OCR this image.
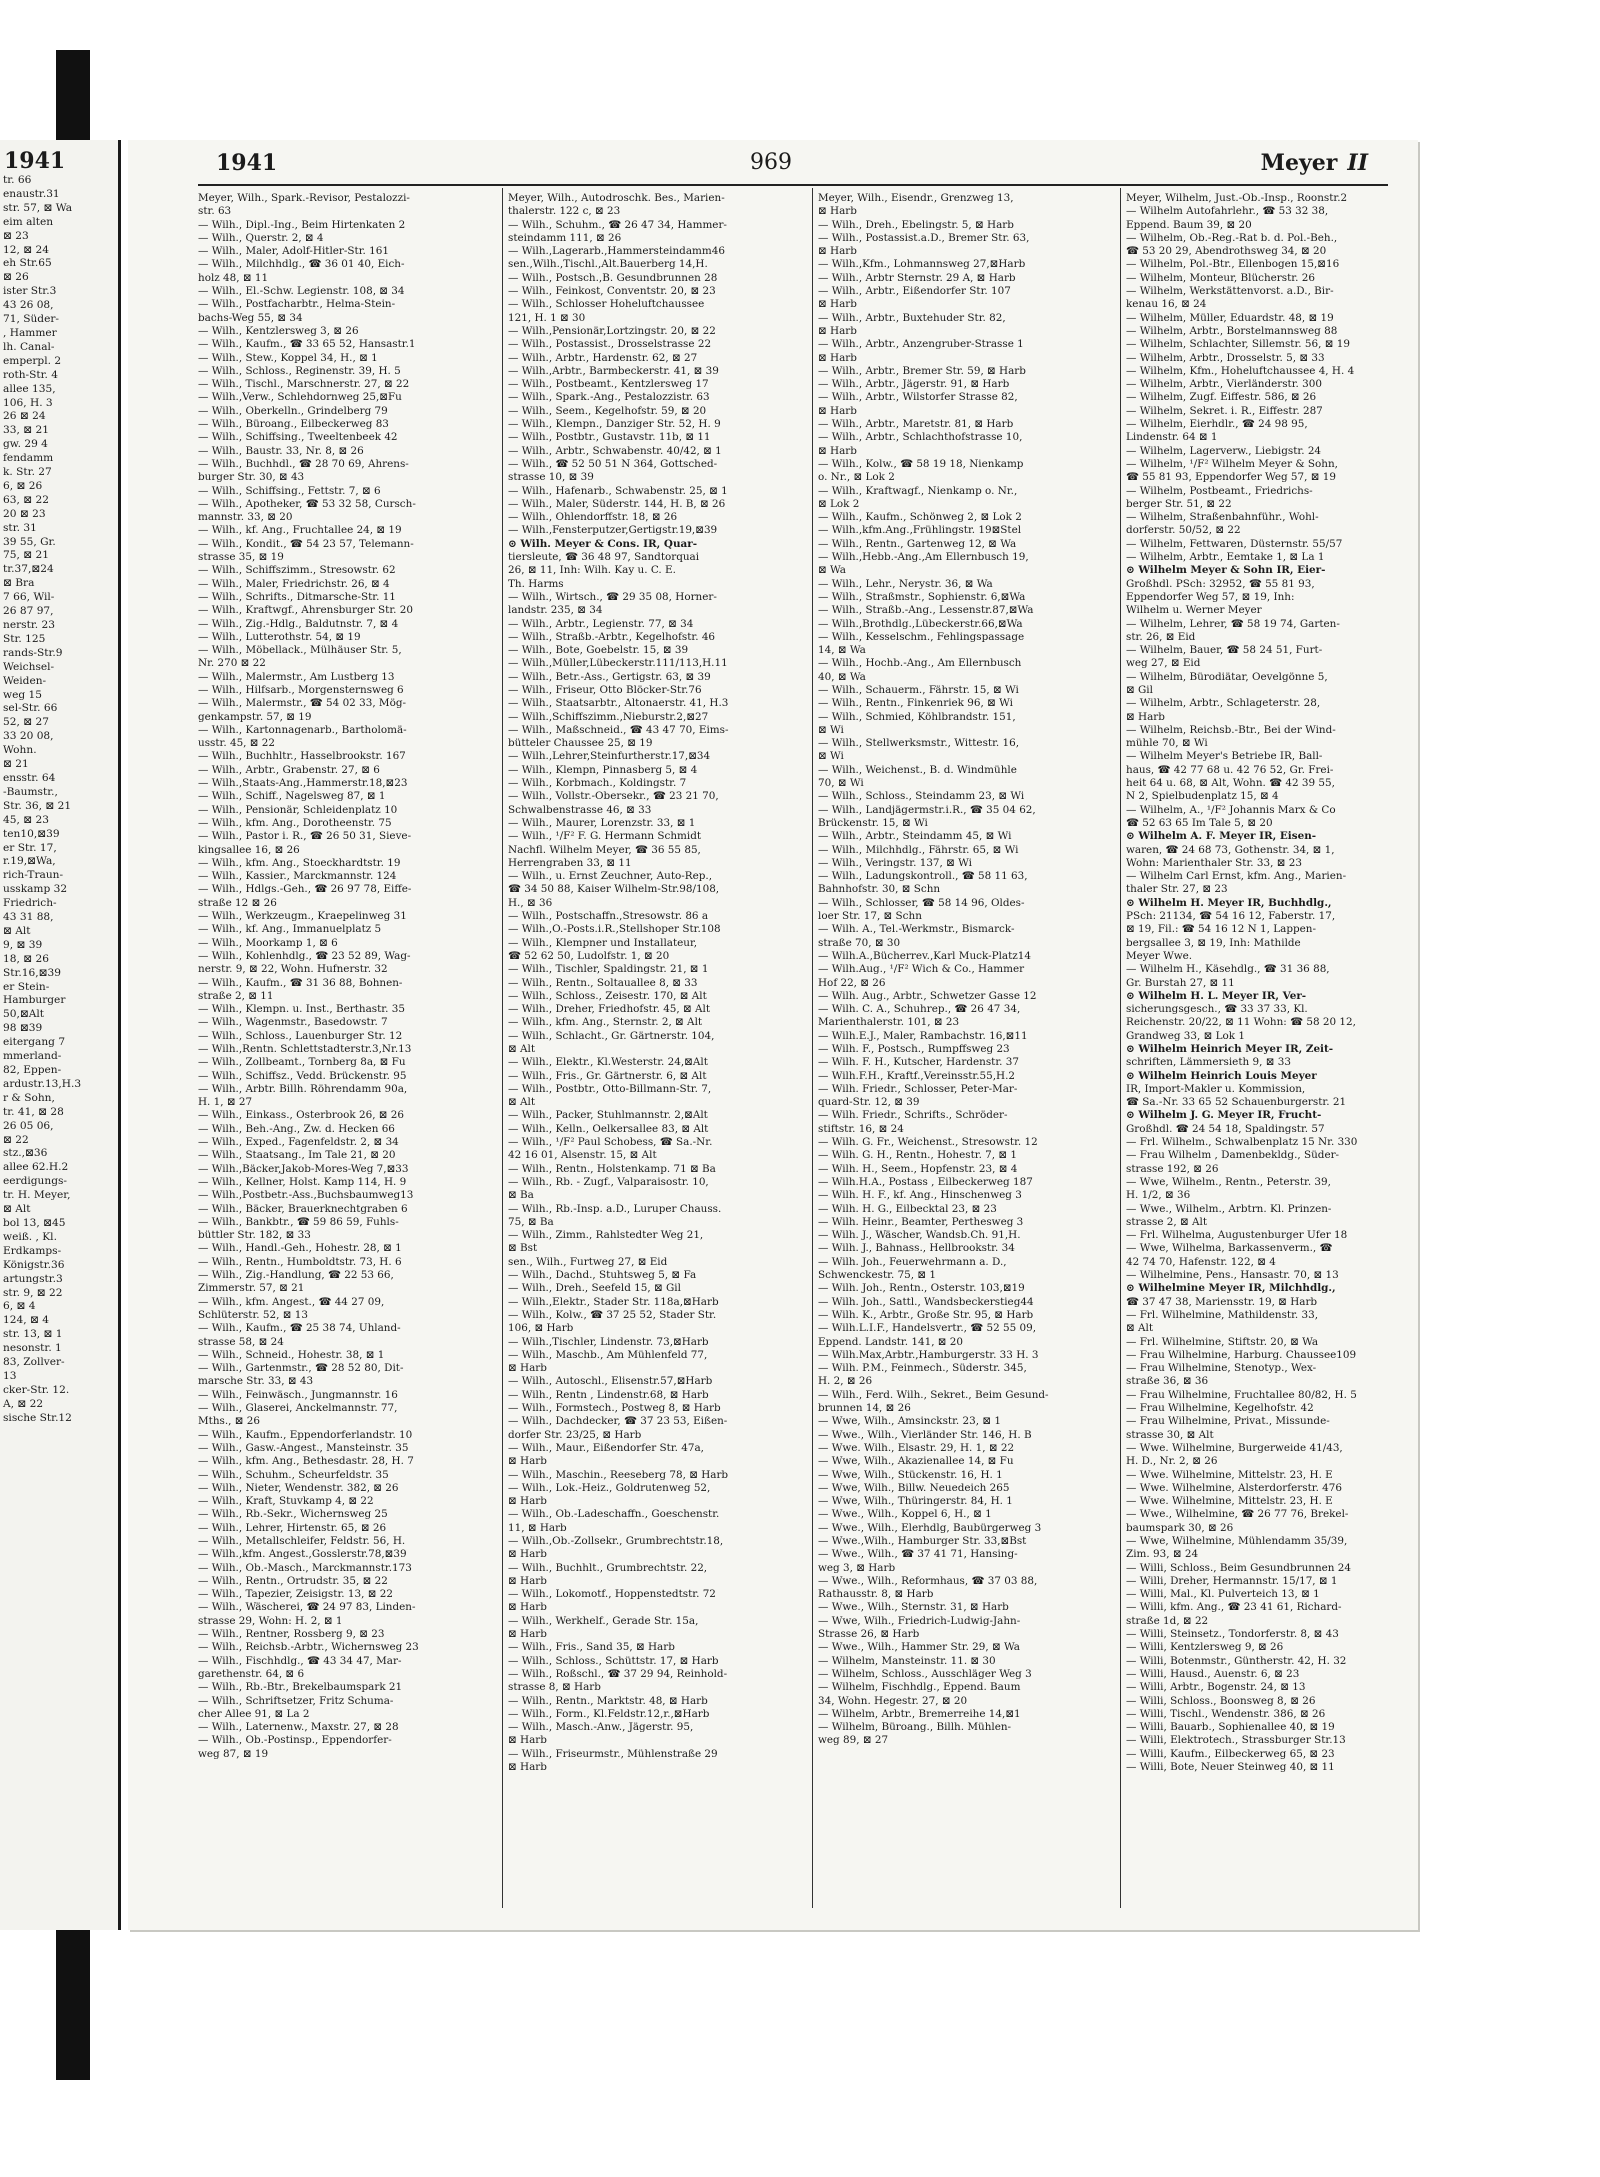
1941
tr. 66
enaustr.31
str. 57, ⊠ Wa
eim alten
⊠ 23
12, ⊠ 24
eh Str.65
⊠ 26
ister Str.3
43 26 08,
71, Süder-
, Hammer
lh. Canal-
emperpl. 2
roth-Str. 4
allee 135,
106, H. 3
26 ⊠ 24
33, ⊠ 21
gw. 29 4
fendamm
k. Str. 27
6, ⊠ 26
63, ⊠ 22
20 ⊠ 23
str. 31
39 55, Gr.
75, ⊠ 21
tr.37,⊠24
⊠ Bra
7 66, Wil-
26 87 97,
nerstr. 23
Str. 125
rands-Str.9
Weichsel-
Weiden-
weg 15
sel-Str. 66
52, ⊠ 27
33 20 08,
Wohn.
⊠ 21
ensstr. 64
-Baumstr.,
Str. 36, ⊠ 21
45, ⊠ 23
ten10,⊠39
er Str. 17,
r.19,⊠Wa,
rich-Traun-
usskamp 32
Friedrich-
43 31 88,
⊠ Alt
9, ⊠ 39
18, ⊠ 26
Str.16,⊠39
er Stein-
Hamburger
50,⊠Alt
98 ⊠39
eitergang 7
mmerland-
82, Eppen-
ardustr.13,H.3
r & Sohn,
tr. 41, ⊠ 28
26 05 06,
⊠ 22
stz.,⊠36
allee 62.H.2
eerdigungs-
tr. H. Meyer,
⊠ Alt
bol 13, ⊠45
weiß. , Kl.
Erdkamps-
Königstr.36
artungstr.3
str. 9, ⊠ 22
6, ⊠ 4
124, ⊠ 4
str. 13, ⊠ 1
nesonstr. 1
83, Zollver-
13
cker-Str. 12.
A, ⊠ 22
sische Str.12
1941	969	Meyer II
Meyer, Wilh., Spark.-Revisor, Pestalozzi-
str. 63
— Wilh., Dipl.-Ing., Beim Hirtenkaten 2
— Wilh., Querstr. 2, ⊠ 4
— Wilh., Maler, Adolf-Hitler-Str. 161
— Wilh., Milchhdlg., ☎ 36 01 40, Eich-
holz 48, ⊠ 11
— Wilh., El.-Schw. Legienstr. 108, ⊠ 34
— Wilh., Postfacharbtr., Helma-Stein-
bachs-Weg 55, ⊠ 34
— Wilh., Kentzlersweg 3, ⊠ 26
— Wilh., Kaufm., ☎ 33 65 52, Hansastr.1
— Wilh., Stew., Koppel 34, H., ⊠ 1
— Wilh., Schloss., Reginenstr. 39, H. 5
— Wilh., Tischl., Marschnerstr. 27, ⊠ 22
— Wilh.,Verw., Schlehdornweg 25,⊠Fu
— Wilh., Oberkelln., Grindelberg 79
— Wilh., Büroang., Eilbeckerweg 83
— Wilh., Schiffsing., Tweeltenbeek 42
— Wilh., Baustr. 33, Nr. 8, ⊠ 26
— Wilh., Buchhdl., ☎ 28 70 69, Ahrens-
burger Str. 30, ⊠ 43
— Wilh., Schiffsing., Fettstr. 7, ⊠ 6
— Wilh., Apotheker, ☎ 53 32 58, Cursch-
mannstr. 33, ⊠ 20
— Wilh., kf. Ang., Fruchtallee 24, ⊠ 19
— Wilh., Kondit., ☎ 54 23 57, Telemann-
strasse 35, ⊠ 19
— Wilh., Schiffszimm., Stresowstr. 62
— Wilh., Maler, Friedrichstr. 26, ⊠ 4
— Wilh., Schrifts., Ditmarsche-Str. 11
— Wilh., Kraftwgf., Ahrensburger Str. 20
— Wilh., Zig.-Hdlg., Baldutnstr. 7, ⊠ 4
— Wilh., Lutterothstr. 54, ⊠ 19
— Wilh., Möbellack., Mülhäuser Str. 5,
Nr. 270 ⊠ 22
— Wilh., Malermstr., Am Lustberg 13
— Wilh., Hilfsarb., Morgensternsweg 6
— Wilh., Malermstr., ☎ 54 02 33, Mög-
genkampstr. 57, ⊠ 19
— Wilh., Kartonnagenarb., Bartholomä-
usstr. 45, ⊠ 22
— Wilh., Buchhltr., Hasselbrookstr. 167
— Wilh., Arbtr., Grabenstr. 27, ⊠ 6
— Wilh.,Staats-Ang.,Hammerstr.18,⊠23
— Wilh., Schiff., Nagelsweg 87, ⊠ 1
— Wilh., Pensionär, Schleidenplatz 10
— Wilh., kfm. Ang., Dorotheenstr. 75
— Wilh., Pastor i. R., ☎ 26 50 31, Sieve-
kingsallee 16, ⊠ 26
— Wilh., kfm. Ang., Stoeckhardtstr. 19
— Wilh., Kassier., Marckmannstr. 124
— Wilh., Hdlgs.-Geh., ☎ 26 97 78, Eiffe-
straße 12 ⊠ 26
— Wilh., Werkzeugm., Kraepelinweg 31
— Wilh., kf. Ang., Immanuelplatz 5
— Wilh., Moorkamp 1, ⊠ 6
— Wilh., Kohlenhdlg., ☎ 23 52 89, Wag-
nerstr. 9, ⊠ 22, Wohn. Hufnerstr. 32
— Wilh., Kaufm., ☎ 31 36 88, Bohnen-
straße 2, ⊠ 11
— Wilh., Klempn. u. Inst., Berthastr. 35
— Wilh., Wagenmstr., Basedowstr. 7
— Wilh., Schloss., Lauenburger Str. 12
— Wilh.,Rentn. Schlettstadterstr.3,Nr.13
— Wilh., Zollbeamt., Tornberg 8a, ⊠ Fu
— Wilh., Schiffsz., Vedd. Brückenstr. 95
— Wilh., Arbtr. Billh. Röhrendamm 90a,
H. 1, ⊠ 27
— Wilh., Einkass., Osterbrook 26, ⊠ 26
— Wilh., Beh.-Ang., Zw. d. Hecken 66
— Wilh., Exped., Fagenfeldstr. 2, ⊠ 34
— Wilh., Staatsang., Im Tale 21, ⊠ 20
— Wilh.,Bäcker,Jakob-Mores-Weg 7,⊠33
— Wilh., Kellner, Holst. Kamp 114, H. 9
— Wilh.,Postbetr.-Ass.,Buchsbaumweg13
— Wilh., Bäcker, Brauerknechtgraben 6
— Wilh., Bankbtr., ☎ 59 86 59, Fuhls-
büttler Str. 182, ⊠ 33
— Wilh., Handl.-Geh., Hohestr. 28, ⊠ 1
— Wilh., Rentn., Humboldtstr. 73, H. 6
— Wilh., Zig.-Handlung, ☎ 22 53 66,
Zimmerstr. 57, ⊠ 21
— Wilh., kfm. Angest., ☎ 44 27 09,
Schlüterstr. 52, ⊠ 13
— Wilh., Kaufm., ☎ 25 38 74, Uhland-
strasse 58, ⊠ 24
— Wilh., Schneid., Hohestr. 38, ⊠ 1
— Wilh., Gartenmstr., ☎ 28 52 80, Dit-
marsche Str. 33, ⊠ 43
— Wilh., Feinwäsch., Jungmannstr. 16
— Wilh., Glaserei, Anckelmannstr. 77,
Mths., ⊠ 26
— Wilh., Kaufm., Eppendorferlandstr. 10
— Wilh., Gasw.-Angest., Mansteinstr. 35
— Wilh., kfm. Ang., Bethesdastr. 28, H. 7
— Wilh., Schuhm., Scheurfeldstr. 35
— Wilh., Nieter, Wendenstr. 382, ⊠ 26
— Wilh., Kraft, Stuvkamp 4, ⊠ 22
— Wilh., Rb.-Sekr., Wichernsweg 25
— Wilh., Lehrer, Hirtenstr. 65, ⊠ 26
— Wilh., Metallschleifer, Feldstr. 56, H.
— Wilh.,kfm. Angest.,Gosslerstr.78,⊠39
— Wilh., Ob.-Masch., Marckmannstr.173
— Wilh., Rentn., Ortrudstr. 35, ⊠ 22
— Wilh., Tapezier, Zeisigstr. 13, ⊠ 22
— Wilh., Wäscherei, ☎ 24 97 83, Linden-
strasse 29, Wohn: H. 2, ⊠ 1
— Wilh., Rentner, Rossberg 9, ⊠ 23
— Wilh., Reichsb.-Arbtr., Wichernsweg 23
— Wilh., Fischhdlg., ☎ 43 34 47, Mar-
garethenstr. 64, ⊠ 6
— Wilh., Rb.-Btr., Brekelbaumspark 21
— Wilh., Schriftsetzer, Fritz Schuma-
cher Allee 91, ⊠ La 2
— Wilh., Laternenw., Maxstr. 27, ⊠ 28
— Wilh., Ob.-Postinsp., Eppendorfer-
weg 87, ⊠ 19
Meyer, Wilh., Autodroschk. Bes., Marien-
thalerstr. 122 c, ⊠ 23
— Wilh., Schuhm., ☎ 26 47 34, Hammer-
steindamm 111, ⊠ 26
— Wilh.,Lagerarb.,Hammersteindamm46
sen.,Wilh.,Tischl.,Alt.Bauerberg 14,H.
— Wilh., Postsch.,B. Gesundbrunnen 28
— Wilh., Feinkost, Conventstr. 20, ⊠ 23
— Wilh., Schlosser Hoheluftchaussee
121, H. 1 ⊠ 30
— Wilh.,Pensionär,Lortzingstr. 20, ⊠ 22
— Wilh., Postassist., Drosselstrasse 22
— Wilh., Arbtr., Hardenstr. 62, ⊠ 27
— Wilh.,Arbtr., Barmbeckerstr. 41, ⊠ 39
— Wilh., Postbeamt., Kentzlersweg 17
— Wilh., Spark.-Ang., Pestalozzistr. 63
— Wilh., Seem., Kegelhofstr. 59, ⊠ 20
— Wilh., Klempn., Danziger Str. 52, H. 9
— Wilh., Postbtr., Gustavstr. 11b, ⊠ 11
— Wilh., Arbtr., Schwabenstr. 40/42, ⊠ 1
— Wilh., ☎ 52 50 51 N 364, Gottsched-
strasse 10, ⊠ 39
— Wilh., Hafenarb., Schwabenstr. 25, ⊠ 1
— Wilh., Maler, Süderstr. 144, H. B, ⊠ 26
— Wilh., Ohlendorffstr. 18, ⊠ 26
— Wilh.,Fensterputzer,Gertigstr.19,⊠39
⊙ Wilh. Meyer & Cons. IR, Quar-
tiersleute, ☎ 36 48 97, Sandtorquai
26, ⊠ 11, Inh: Wilh. Kay u. C. E.
Th. Harms
— Wilh., Wirtsch., ☎ 29 35 08, Horner-
landstr. 235, ⊠ 34
— Wilh., Arbtr., Legienstr. 77, ⊠ 34
— Wilh., Straßb.-Arbtr., Kegelhofstr. 46
— Wilh., Bote, Goebelstr. 15, ⊠ 39
— Wilh.,Müller,Lübeckerstr.111/113,H.11
— Wilh., Betr.-Ass., Gertigstr. 63, ⊠ 39
— Wilh., Friseur, Otto Blöcker-Str.76
— Wilh., Staatsarbtr., Altonaerstr. 41, H.3
— Wilh.,Schiffszimm.,Nieburstr.2,⊠27
— Wilh., Maßschneid., ☎ 43 47 70, Eims-
bütteler Chaussee 25, ⊠ 19
— Wilh.,Lehrer,Steinfurtherstr.17,⊠34
— Wilh., Klempn, Pinnasberg 5, ⊠ 4
— Wilh., Korbmach., Koldingstr. 7
— Wilh., Vollstr.-Obersekr., ☎ 23 21 70,
Schwalbenstrasse 46, ⊠ 33
— Wilh., Maurer, Lorenzstr. 33, ⊠ 1
— Wilh., ¹/F² F. G. Hermann Schmidt
Nachfl. Wilhelm Meyer, ☎ 36 55 85,
Herrengraben 33, ⊠ 11
— Wilh., u. Ernst Zeuchner, Auto-Rep.,
☎ 34 50 88, Kaiser Wilhelm-Str.98/108,
H., ⊠ 36
— Wilh., Postschaffn.,Stresowstr. 86 a
— Wilh.,O.-Posts.i.R.,Stellshoper Str.108
— Wilh., Klempner und Installateur,
☎ 52 62 50, Ludolfstr. 1, ⊠ 20
— Wilh., Tischler, Spaldingstr. 21, ⊠ 1
— Wilh., Rentn., Soltauallee 8, ⊠ 33
— Wilh., Schloss., Zeisestr. 170, ⊠ Alt
— Wilh., Dreher, Friedhofstr. 45, ⊠ Alt
— Wilh., kfm. Ang., Sternstr. 2, ⊠ Alt
— Wilh., Schlacht., Gr. Gärtnerstr. 104,
⊠ Alt
— Wilh., Elektr., Kl.Westerstr. 24,⊠Alt
— Wilh., Fris., Gr. Gärtnerstr. 6, ⊠ Alt
— Wilh., Postbtr., Otto-Billmann-Str. 7,
⊠ Alt
— Wilh., Packer, Stuhlmannstr. 2,⊠Alt
— Wilh., Kelln., Oelkersallee 83, ⊠ Alt
— Wilh., ¹/F² Paul Schobess, ☎ Sa.-Nr.
42 16 01, Alsenstr. 15, ⊠ Alt
— Wilh., Rentn., Holstenkamp. 71 ⊠ Ba
— Wilh., Rb. - Zugf., Valparaisostr. 10,
⊠ Ba
— Wilh., Rb.-Insp. a.D., Luruper Chauss.
75, ⊠ Ba
— Wilh., Zimm., Rahlstedter Weg 21,
⊠ Bst
sen., Wilh., Furtweg 27, ⊠ Eid
— Wilh., Dachd., Stuhtsweg 5, ⊠ Fa
— Wilh., Dreh., Seefeld 15, ⊠ Gil
— Wilh.,Elektr., Stader Str. 118a,⊠Harb
— Wilh., Kolw., ☎ 37 25 52, Stader Str.
106, ⊠ Harb
— Wilh.,Tischler, Lindenstr. 73,⊠Harb
— Wilh., Maschb., Am Mühlenfeld 77,
⊠ Harb
— Wilh., Autoschl., Elisenstr.57,⊠Harb
— Wilh., Rentn , Lindenstr.68, ⊠ Harb
— Wilh., Formstech., Postweg 8, ⊠ Harb
— Wilh., Dachdecker, ☎ 37 23 53, Eißen-
dorfer Str. 23/25, ⊠ Harb
— Wilh., Maur., Eißendorfer Str. 47a,
⊠ Harb
— Wilh., Maschin., Reeseberg 78, ⊠ Harb
— Wilh., Lok.-Heiz., Goldrutenweg 52,
⊠ Harb
— Wilh., Ob.-Ladeschaffn., Goeschenstr.
11, ⊠ Harb
— Wilh.,Ob.-Zollsekr., Grumbrechtstr.18,
⊠ Harb
— Wilh., Buchhlt., Grumbrechtstr. 22,
⊠ Harb
— Wilh., Lokomotf., Hoppenstedtstr. 72
⊠ Harb
— Wilh., Werkhelf., Gerade Str. 15a,
⊠ Harb
— Wilh., Fris., Sand 35, ⊠ Harb
— Wilh., Schloss., Schüttstr. 17, ⊠ Harb
— Wilh., Roßschl., ☎ 37 29 94, Reinhold-
strasse 8, ⊠ Harb
— Wilh., Rentn., Marktstr. 48, ⊠ Harb
— Wilh., Form., Kl.Feldstr.12,r.,⊠Harb
— Wilh., Masch.-Anw., Jägerstr. 95,
⊠ Harb
— Wilh., Friseurmstr., Mühlenstraße 29
⊠ Harb
Meyer, Wilh., Eisendr., Grenzweg 13,
⊠ Harb
— Wilh., Dreh., Ebelingstr. 5, ⊠ Harb
— Wilh., Postassist.a.D., Bremer Str. 63,
⊠ Harb
— Wilh.,Kfm., Lohmannsweg 27,⊠Harb
— Wilh., Arbtr Sternstr. 29 A, ⊠ Harb
— Wilh., Arbtr., Eißendorfer Str. 107
⊠ Harb
— Wilh., Arbtr., Buxtehuder Str. 82,
⊠ Harb
— Wilh., Arbtr., Anzengruber-Strasse 1
⊠ Harb
— Wilh., Arbtr., Bremer Str. 59, ⊠ Harb
— Wilh., Arbtr., Jägerstr. 91, ⊠ Harb
— Wilh., Arbtr., Wilstorfer Strasse 82,
⊠ Harb
— Wilh., Arbtr., Maretstr. 81, ⊠ Harb
— Wilh., Arbtr., Schlachthofstrasse 10,
⊠ Harb
— Wilh., Kolw., ☎ 58 19 18, Nienkamp
o. Nr., ⊠ Lok 2
— Wilh., Kraftwagf., Nienkamp o. Nr.,
⊠ Lok 2
— Wilh., Kaufm., Schönweg 2, ⊠ Lok 2
— Wilh.,kfm.Ang.,Frühlingstr. 19⊠Stel
— Wilh., Rentn., Gartenweg 12, ⊠ Wa
— Wilh.,Hebb.-Ang.,Am Ellernbusch 19,
⊠ Wa
— Wilh., Lehr., Nerystr. 36, ⊠ Wa
— Wilh., Straßmstr., Sophienstr. 6,⊠Wa
— Wilh., Straßb.-Ang., Lessenstr.87,⊠Wa
— Wilh.,Brothdlg.,Lübeckerstr.66,⊠Wa
— Wilh., Kesselschm., Fehlingspassage
14, ⊠ Wa
— Wilh., Hochb.-Ang., Am Ellernbusch
40, ⊠ Wa
— Wilh., Schauerm., Fährstr. 15, ⊠ Wi
— Wilh., Rentn., Finkenriek 96, ⊠ Wi
— Wilh., Schmied, Köhlbrandstr. 151,
⊠ Wi
— Wilh., Stellwerksmstr., Wittestr. 16,
⊠ Wi
— Wilh., Weichenst., B. d. Windmühle
70, ⊠ Wi
— Wilh., Schloss., Steindamm 23, ⊠ Wi
— Wilh., Landjägermstr.i.R., ☎ 35 04 62,
Brückenstr. 15, ⊠ Wi
— Wilh., Arbtr., Steindamm 45, ⊠ Wi
— Wilh., Milchhdlg., Fährstr. 65, ⊠ Wi
— Wilh., Veringstr. 137, ⊠ Wi
— Wilh., Ladungskontroll., ☎ 58 11 63,
Bahnhofstr. 30, ⊠ Schn
— Wilh., Schlosser, ☎ 58 14 96, Oldes-
loer Str. 17, ⊠ Schn
— Wilh. A., Tel.-Werkmstr., Bismarck-
straße 70, ⊠ 30
— Wilh.A.,Bücherrev.,Karl Muck-Platz14
— Wilh.Aug., ¹/F² Wich & Co., Hammer
Hof 22, ⊠ 26
— Wilh. Aug., Arbtr., Schwetzer Gasse 12
— Wilh. C. A., Schuhrep., ☎ 26 47 34,
Marienthalerstr. 101, ⊠ 23
— Wilh.E.J., Maler, Rambachstr. 16,⊠11
— Wilh. F., Postsch., Rumpffsweg 23
— Wilh. F. H., Kutscher, Hardenstr. 37
— Wilh.F.H., Kraftf.,Vereinsstr.55,H.2
— Wilh. Friedr., Schlosser, Peter-Mar-
quard-Str. 12, ⊠ 39
— Wilh. Friedr., Schrifts., Schröder-
stiftstr. 16, ⊠ 24
— Wilh. G. Fr., Weichenst., Stresowstr. 12
— Wilh. G. H., Rentn., Hohestr. 7, ⊠ 1
— Wilh. H., Seem., Hopfenstr. 23, ⊠ 4
— Wilh.H.A., Postass , Eilbeckerweg 187
— Wilh. H. F., kf. Ang., Hinschenweg 3
— Wilh. H. G., Eilbecktal 23, ⊠ 23
— Wilh. Heinr., Beamter, Perthesweg 3
— Wilh. J., Wäscher, Wandsb.Ch. 91,H.
— Wilh. J., Bahnass., Hellbrookstr. 34
— Wilh. Joh., Feuerwehrmann a. D.,
Schwenckestr. 75, ⊠ 1
— Wilh. Joh., Rentn., Osterstr. 103,⊠19
— Wilh. Joh., Sattl., Wandsbeckerstieg44
— Wilh. K., Arbtr., Große Str. 95, ⊠ Harb
— Wilh.L.I.F., Handelsvertr., ☎ 52 55 09,
Eppend. Landstr. 141, ⊠ 20
— Wilh.Max,Arbtr.,Hamburgerstr. 33 H. 3
— Wilh. P.M., Feinmech., Süderstr. 345,
H. 2, ⊠ 26
— Wilh., Ferd. Wilh., Sekret., Beim Gesund-
brunnen 14, ⊠ 26
— Wwe, Wilh., Amsinckstr. 23, ⊠ 1
— Wwe., Wilh., Vierländer Str. 146, H. B
— Wwe. Wilh., Elsastr. 29, H. 1, ⊠ 22
— Wwe, Wilh., Akazienallee 14, ⊠ Fu
— Wwe, Wilh., Stückenstr. 16, H. 1
— Wwe, Wilh., Billw. Neuedeich 265
— Wwe, Wilh., Thüringerstr. 84, H. 1
— Wwe., Wilh., Koppel 6, H., ⊠ 1
— Wwe., Wilh., Elerhdlg, Baubürgerweg 3
— Wwe.,Wilh., Hamburger Str. 33,⊠Bst
— Wwe., Wilh., ☎ 37 41 71, Hansing-
weg 3, ⊠ Harb
— Wwe., Wilh., Reformhaus, ☎ 37 03 88,
Rathausstr. 8, ⊠ Harb
— Wwe., Wilh., Sternstr. 31, ⊠ Harb
— Wwe, Wilh., Friedrich-Ludwig-Jahn-
Strasse 26, ⊠ Harb
— Wwe., Wilh., Hammer Str. 29, ⊠ Wa
— Wilhelm, Mansteinstr. 11. ⊠ 30
— Wilhelm, Schloss., Ausschläger Weg 3
— Wilhelm, Fischhdlg., Eppend. Baum
34, Wohn. Hegestr. 27, ⊠ 20
— Wilhelm, Arbtr., Bremerreihe 14,⊠1
— Wilhelm, Büroang., Billh. Mühlen-
weg 89, ⊠ 27
Meyer, Wilhelm, Just.-Ob.-Insp., Roonstr.2
— Wilhelm Autofahrlehr., ☎ 53 32 38,
Eppend. Baum 39, ⊠ 20
— Wilhelm, Ob.-Reg.-Rat b. d. Pol.-Beh.,
☎ 53 20 29, Abendrothsweg 34, ⊠ 20
— Wilhelm, Pol.-Btr., Ellenbogen 15,⊠16
— Wilhelm, Monteur, Blücherstr. 26
— Wilhelm, Werkstättenvorst. a.D., Bir-
kenau 16, ⊠ 24
— Wilhelm, Müller, Eduardstr. 48, ⊠ 19
— Wilhelm, Arbtr., Borstelmannsweg 88
— Wilhelm, Schlachter, Sillemstr. 56, ⊠ 19
— Wilhelm, Arbtr., Drosselstr. 5, ⊠ 33
— Wilhelm, Kfm., Hoheluftchaussee 4, H. 4
— Wilhelm, Arbtr., Vierländerstr. 300
— Wilhelm, Zugf. Eiffestr. 586, ⊠ 26
— Wilhelm, Sekret. i. R., Eiffestr. 287
— Wilhelm, Eierhdlr., ☎ 24 98 95,
Lindenstr. 64 ⊠ 1
— Wilhelm, Lagerverw., Liebigstr. 24
— Wilhelm, ¹/F² Wilhelm Meyer & Sohn,
☎ 55 81 93, Eppendorfer Weg 57, ⊠ 19
— Wilhelm, Postbeamt., Friedrichs-
berger Str. 51, ⊠ 22
— Wilhelm, Straßenbahnführ., Wohl-
dorferstr. 50/52, ⊠ 22
— Wilhelm, Fettwaren, Düsternstr. 55/57
— Wilhelm, Arbtr., Eemtake 1, ⊠ La 1
⊙ Wilhelm Meyer & Sohn IR, Eier-
Großhdl. PSch: 32952, ☎ 55 81 93,
Eppendorfer Weg 57, ⊠ 19, Inh:
Wilhelm u. Werner Meyer
— Wilhelm, Lehrer, ☎ 58 19 74, Garten-
str. 26, ⊠ Eid
— Wilhelm, Bauer, ☎ 58 24 51, Furt-
weg 27, ⊠ Eid
— Wilhelm, Bürodiätar, Oevelgönne 5,
⊠ Gil
— Wilhelm, Arbtr., Schlageterstr. 28,
⊠ Harb
— Wilhelm, Reichsb.-Btr., Bei der Wind-
mühle 70, ⊠ Wi
— Wilhelm Meyer's Betriebe IR, Ball-
haus, ☎ 42 77 68 u. 42 76 52, Gr. Frei-
heit 64 u. 68, ⊠ Alt, Wohn. ☎ 42 39 55,
N 2, Spielbudenplatz 15, ⊠ 4
— Wilhelm, A., ¹/F² Johannis Marx & Co
☎ 52 63 65 Im Tale 5, ⊠ 20
⊙ Wilhelm A. F. Meyer IR, Eisen-
waren, ☎ 24 68 73, Gothenstr. 34, ⊠ 1,
Wohn: Marienthaler Str. 33, ⊠ 23
— Wilhelm Carl Ernst, kfm. Ang., Marien-
thaler Str. 27, ⊠ 23
⊙ Wilhelm H. Meyer IR, Buchhdlg.,
PSch: 21134, ☎ 54 16 12, Faberstr. 17,
⊠ 19, Fil.: ☎ 54 16 12 N 1, Lappen-
bergsallee 3, ⊠ 19, Inh: Mathilde
Meyer Wwe.
— Wilhelm H., Käsehdlg., ☎ 31 36 88,
Gr. Burstah 27, ⊠ 11
⊙ Wilhelm H. L. Meyer IR, Ver-
sicherungsgesch., ☎ 33 37 33, Kl.
Reichenstr. 20/22, ⊠ 11 Wohn: ☎ 58 20 12,
Grandweg 33, ⊠ Lok 1
⊙ Wilhelm Heinrich Meyer IR, Zeit-
schriften, Lämmersieth 9, ⊠ 33
⊙ Wilhelm Heinrich Louis Meyer
IR, Import-Makler u. Kommission,
☎ Sa.-Nr. 33 65 52 Schauenburgerstr. 21
⊙ Wilhelm J. G. Meyer IR, Frucht-
Großhdl. ☎ 24 54 18, Spaldingstr. 57
— Frl. Wilhelm., Schwalbenplatz 15 Nr. 330
— Frau Wilhelm , Damenbekldg., Süder-
strasse 192, ⊠ 26
— Wwe, Wilhelm., Rentn., Peterstr. 39,
H. 1/2, ⊠ 36
— Wwe., Wilhelm., Arbtrn. Kl. Prinzen-
strasse 2, ⊠ Alt
— Frl. Wilhelma, Augustenburger Ufer 18
— Wwe, Wilhelma, Barkassenverm., ☎
42 74 70, Hafenstr. 122, ⊠ 4
— Wilhelmine, Pens., Hansastr. 70, ⊠ 13
⊙ Wilhelmine Meyer IR, Milchhdlg.,
☎ 37 47 38, Mariensstr. 19, ⊠ Harb
— Frl. Wilhelmine, Mathildenstr. 33,
⊠ Alt
— Frl. Wilhelmine, Stiftstr. 20, ⊠ Wa
— Frau Wilhelmine, Harburg. Chaussee109
— Frau Wilhelmine, Stenotyp., Wex-
straße 36, ⊠ 36
— Frau Wilhelmine, Fruchtallee 80/82, H. 5
— Frau Wilhelmine, Kegelhofstr. 42
— Frau Wilhelmine, Privat., Missunde-
strasse 30, ⊠ Alt
— Wwe. Wilhelmine, Burgerweide 41/43,
H. D., Nr. 2, ⊠ 26
— Wwe. Wilhelmine, Mittelstr. 23, H. E
— Wwe. Wilhelmine, Alsterdorferstr. 476
— Wwe. Wilhelmine, Mittelstr. 23, H. E
— Wwe., Wilhelmine, ☎ 26 77 76, Brekel-
baumspark 30, ⊠ 26
— Wwe, Wilhelmine, Mühlendamm 35/39,
Zim. 93, ⊠ 24
— Willi, Schloss., Beim Gesundbrunnen 24
— Willi, Dreher, Hermannstr. 15/17, ⊠ 1
— Willi, Mal., Kl. Pulverteich 13, ⊠ 1
— Willi, kfm. Ang., ☎ 23 41 61, Richard-
straße 1d, ⊠ 22
— Willi, Steinsetz., Tondorferstr. 8, ⊠ 43
— Willi, Kentzlersweg 9, ⊠ 26
— Willi, Botenmstr., Güntherstr. 42, H. 32
— Willi, Hausd., Auenstr. 6, ⊠ 23
— Willi, Arbtr., Bogenstr. 24, ⊠ 13
— Willi, Schloss., Boonsweg 8, ⊠ 26
— Willi, Tischl., Wendenstr. 386, ⊠ 26
— Willi, Bauarb., Sophienallee 40, ⊠ 19
— Willi, Elektrotech., Strassburger Str.13
— Willi, Kaufm., Eilbeckerweg 65, ⊠ 23
— Willi, Bote, Neuer Steinweg 40, ⊠ 11
